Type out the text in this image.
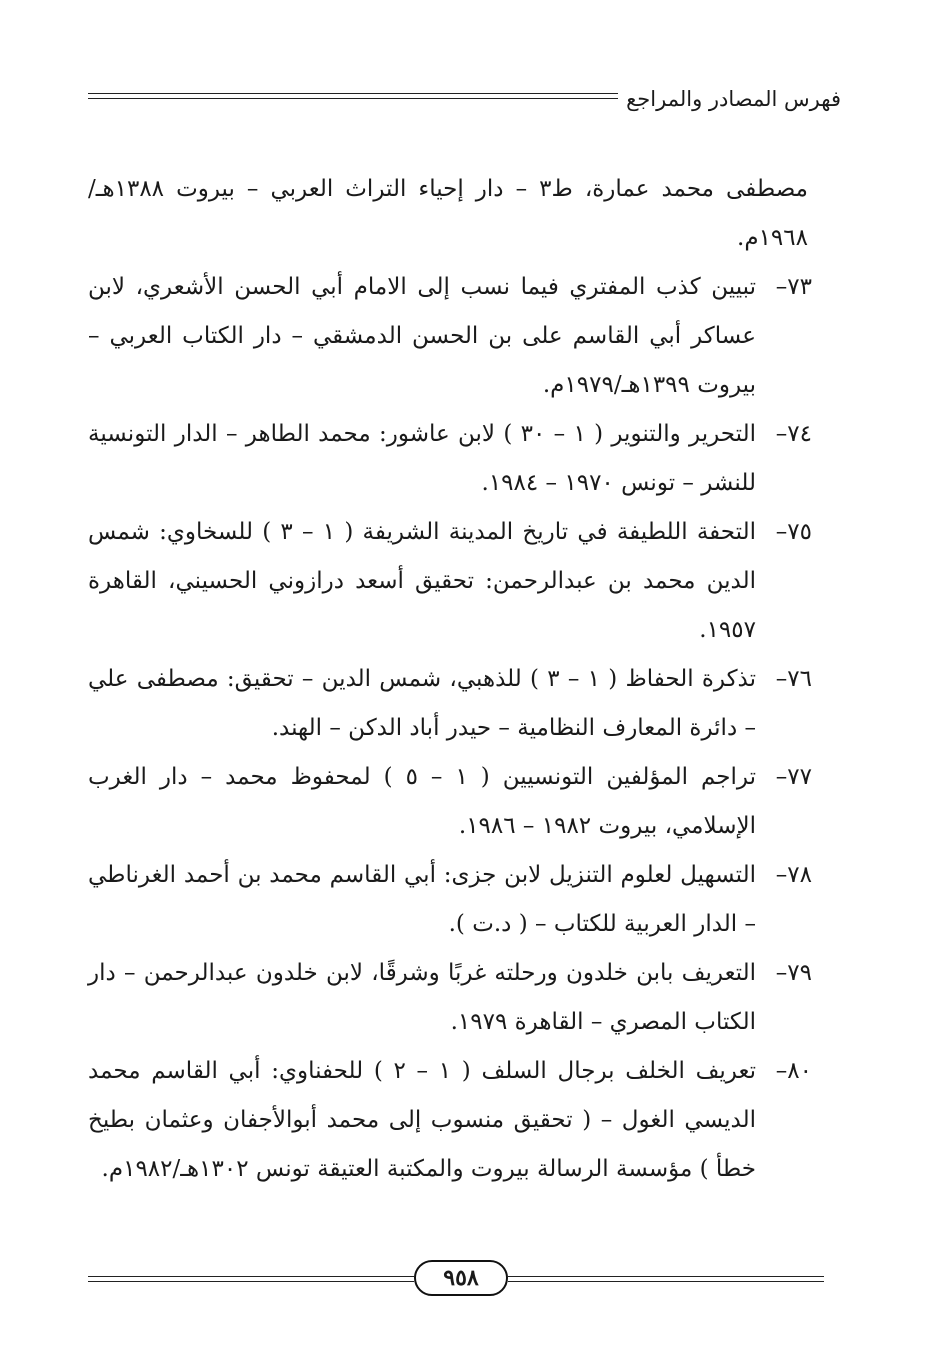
فهرس المصادر والمراجع

مصطفى محمد عمارة، ط٣ – دار إحياء التراث العربي – بيروت ١٣٨٨هـ/١٩٦٨م.

٧٣–
تبيين كذب المفتري فيما نسب إلى الامام أبي الحسن الأشعري، لابن عساكر أبي القاسم على بن الحسن الدمشقي – دار الكتاب العربي – بيروت ١٣٩٩هـ/١٩٧٩م.
٧٤–
التحرير والتنوير ( ١ – ٣٠ ) لابن عاشور: محمد الطاهر – الدار التونسية للنشر – تونس ١٩٧٠ – ١٩٨٤.
٧٥–
التحفة اللطيفة في تاريخ المدينة الشريفة ( ١ – ٣ ) للسخاوي: شمس الدين محمد بن عبدالرحمن: تحقيق أسعد درازوني الحسيني، القاهرة ١٩٥٧.
٧٦–
تذكرة الحفاظ ( ١ – ٣ ) للذهبي، شمس الدين – تحقيق: مصطفى علي – دائرة المعارف النظامية – حيدر أباد الدكن – الهند.
٧٧–
تراجم المؤلفين التونسيين ( ١ – ٥ ) لمحفوظ محمد – دار الغرب الإسلامي، بيروت ١٩٨٢ – ١٩٨٦.
٧٨–
التسهيل لعلوم التنزيل لابن جزى: أبي القاسم محمد بن أحمد الغرناطي – الدار العربية للكتاب – ( د.ت ).
٧٩–
التعريف بابن خلدون ورحلته غربًا وشرقًا، لابن خلدون عبدالرحمن – دار الكتاب المصري – القاهرة ١٩٧٩.
٨٠–
تعريف الخلف برجال السلف ( ١ – ٢ ) للحفناوي: أبي القاسم محمد الديسي الغول – ( تحقيق منسوب إلى محمد أبوالأجفان وعثمان بطيخ خطأ ) مؤسسة الرسالة بيروت والمكتبة العتيقة تونس ١٣٠٢هـ/١٩٨٢م.
٩٥٨
